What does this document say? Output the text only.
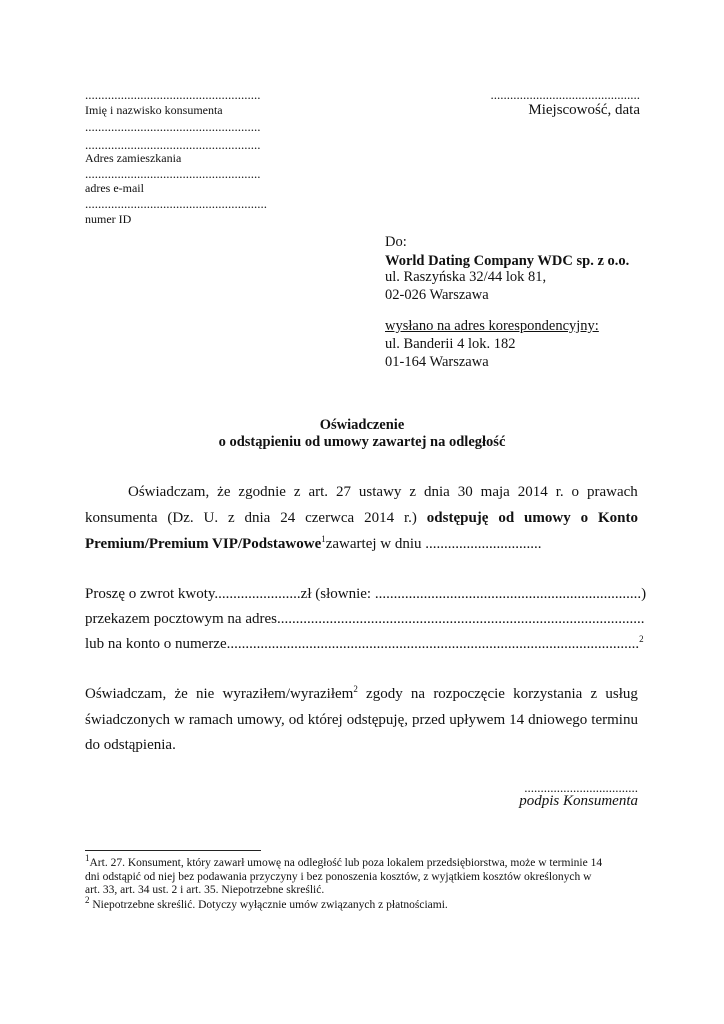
......................................................
Imię i nazwisko konsumenta
......................................................
......................................................
Adres zamieszkania
......................................................
adres e-mail
........................................................
numer ID
..............................................
Miejscowość, data
Do:
World Dating Company WDC sp. z o.o.
ul. Raszyńska 32/44 lok 81,
02-026 Warszawa
wysłano na adres korespondencyjny:
ul. Banderii 4 lok. 182
01-164 Warszawa
Oświadczenie
o odstąpieniu od umowy zawartej na odległość
Oświadczam, że zgodnie z art. 27 ustawy z dnia 30 maja 2014 r. o prawach
konsumenta (Dz. U. z dnia 24 czerwca 2014 r.) odstępuję od umowy o Konto
Premium/Premium VIP/Podstawowe$^1$zawartej w dniu ...............................
Proszę o zwrot kwoty.......................zł (słownie: .......................................................................)
przekazem pocztowym na adres..................................................................................................
lub na konto o numerze..............................................................................................................$^2$
Oświadczam, że nie wyraziłem/wyraziłem$^2$ zgody na rozpoczęcie korzystania z usług
świadczonych w ramach umowy, od której odstępuję, przed upływem 14 dniowego terminu
do odstąpienia.
...................................
podpis Konsumenta
$^1$Art. 27. Konsument, który zawarł umowę na odległość lub poza lokalem przedsiębiorstwa, może w terminie 14
dni odstąpić od niej bez podawania przyczyny i bez ponoszenia kosztów, z wyjątkiem kosztów określonych w
art. 33, art. 34 ust. 2 i art. 35. Niepotrzebne skreślić.
$^2$ Niepotrzebne skreślić. Dotyczy wyłącznie umów związanych z płatnościami.
